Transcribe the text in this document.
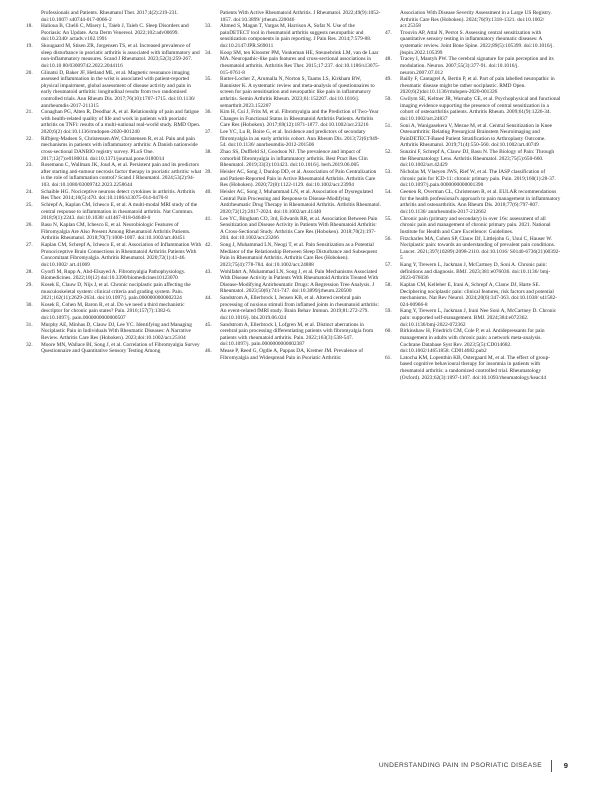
Professionals and Patients. Rheumatol Ther. 2017;4(2):219-231. doi:10.1007/ s40744-017-0066-2

18. Halioua B, Chelli C, Misery L, Taieb J, Taieb C. Sleep Disorders and Psoriasis: An Update. Acta Derm Venereol. 2022;102:adv00699. doi:10.2340/ actadv.v102.1991

19. Skougaard M, Stisen ZR, Jorgensen TS, et al. Increased prevalence of sleep disturbance in psoriatic arthritis is associated with inflammatory and non-inflammatory measures. Scand J Rheumatol. 2023;52(3):259-267. doi:10.10 80/03009742.2022.2044116

20. Glinatsi D, Baker JF, Hetland ML, et al. Magnetic resonance imaging assessed inflammation in the wrist is associated with patient-reported physical impairment, global assessment of disease activity and pain in early rheumatoid arthritis: longitudinal results from two randomised controlled trials. Ann Rheum Dis. 2017;76(10):1707-1715. doi:10.1136/ annrheumdis-2017-211315

21. Conaghan PG, Alten R, Deodhar A, et al. Relationship of pain and fatigue with health-related quality of life and work in patients with psoriatic arthritis on TNFi: results of a multi-national real-world study. RMD Open. 2020;6(2) doi:10.1136/rmdopen-2020-001240

22. Rifbjerg-Madsen S, Christensen AW, Christensen R, et al. Pain and pain mechanisms in patients with inflammatory arthritis: A Danish nationwide cross-sectional DANBIO registry survey. PLoS One. 2017;12(7):e0180014. doi:10.1371/journal.pone.0180014

23. Rosemann C, Wallman JK, Joud A, et al. Persistent pain and its predictors after starting anti-tumour necrosis factor therapy in psoriatic arthritis: what is the role of inflammation control? Scand J Rheumatol. 2024;53(2):94-103. doi:10.1080/03009742.2023.2258644

24. Schaible HG. Nociceptive neurons detect cytokines in arthritis. Arthritis Res Ther. 2014;16(5):470. doi:10.1186/s13075-014-0470-8

25. Schrepf A, Kaplan CM, Ichesco E, et al. A multi-modal MRI study of the central response to inflammation in rheumatoid arthritis. Nat Commun. 2018;9(1):2243. doi:10.1038/ s41467-018-04648-0

26. Basu N, Kaplan CM, Ichesco E, et al. Neurobiologic Features of Fibromyalgia Are Also Present Among Rheumatoid Arthritis Patients. Arthritis Rheumatol. 2018;70(7):1000-1007. doi:10.1002/art.40451

27. Kaplan CM, Schrepf A, Ichesco E, et al. Association of Inflammation With Pronociceptive Brain Connections in Rheumatoid Arthritis Patients With Concomitant Fibromyalgia. Arthritis Rheumatol. 2020;72(1):41-46. doi:10.1002/ art.41069

28. Gyorfi M, Rupp A, Abd-Elsayed A. Fibromyalgia Pathophysiology. Biomedicines. 2022;10(12) doi:10.3390/biomedicines10123070

29. Kosek E, Clauw D, Nijs J, et al. Chronic nociplastic pain affecting the musculoskeletal system: clinical criteria and grading system. Pain. 2021;162(11):2629-2634. doi:10.1097/j. pain.0000000000002324

30. Kosek E, Cohen M, Baron R, et al. Do we need a third mechanistic descriptor for chronic pain states? Pain. 2016;157(7):1382-6. doi:10.1097/j. pain.0000000000000507

31. Murphy AE, Minhas D, Clauw DJ, Lee YC. Identifying and Managing Nociplastic Pain in Individuals With Rheumatic Diseases: A Narrative Review. Arthritis Care Res (Hoboken). 2023;doi:10.1002/acr.25104

32. Moore MN, Wallace BI, Song J, et al. Correlation of Fibromyalgia Survey Questionnaire and Quantitative Sensory Testing Among

Patients With Active Rheumatoid Arthritis. J Rheumatol. 2022;49(9):1052-1057. doi:10.3899/ jrheum.220046

33. Ahmed S, Magan T, Vargas M, Harrison A, Sofat N. Use of the painDETECT tool in rheumatoid arthritis suggests neuropathic and sensitization components in pain reporting. J Pain Res. 2014;7:579-88. doi:10.2147/JPR.S69011

34. Koop SM, ten Klooster PM, Vonkeman HE, Steunebrink LM, van de Laar MA. Neuropathic-like pain features and cross-sectional associations in rheumatoid arthritis. Arthritis Res Ther. 2015;17:237. doi:10.1186/s13075-015-0761-8

35. Rutter-Locher Z, Arumalla N, Norton S, Taams LS, Kirkham BW, Bannister K. A systematic review and meta-analysis of questionnaires to screen for pain sensitisation and neuropathic like pain in inflammatory arthritis. Semin Arthritis Rheum. 2023;61:152207. doi:10.1016/j. semarthrit.2023.152207

36. Kim H, Cui J, Frits M, et al. Fibromyalgia and the Prediction of Two-Year Changes in Functional Status in Rheumatoid Arthritis Patients. Arthritis Care Res (Hoboken). 2017;69(12):1871-1877. doi:10.1002/acr.23216

37. Lee YC, Lu B, Boire G, et al. Incidence and predictors of secondary fibromyalgia in an early arthritis cohort. Ann Rheum Dis. 2013;72(6):949-54. doi:10.1136/ annrheumdis-2012-201506

38. Zhao SS, Duffield SJ, Goodson NJ. The prevalence and impact of comorbid fibromyalgia in inflammatory arthritis. Best Pract Res Clin Rheumatol. 2019;33(3):101423. doi:10.1016/j. berh.2019.06.005

39. Heisler AC, Song J, Dunlop DD, et al. Association of Pain Centralization and Patient-Reported Pain in Active Rheumatoid Arthritis. Arthritis Care Res (Hoboken). 2020;72(8):1122-1129. doi:10.1002/acr.23994

40. Heisler AC, Song J, Muhammad LN, et al. Association of Dysregulated Central Pain Processing and Response to Disease-Modifying Antirheumatic Drug Therapy in Rheumatoid Arthritis. Arthritis Rheumatol. 2020;72(12):2017-2024. doi:10.1002/art.41440

41. Lee YC, Bingham CO, 3rd, Edwards RR, et al. Association Between Pain Sensitization and Disease Activity in Patients With Rheumatoid Arthritis: A Cross-Sectional Study. Arthritis Care Res (Hoboken). 2018;70(2):197-204. doi:10.1002/acr.23266

42. Song J, Muhammad LN, Neogi T, et al. Pain Sensitization as a Potential Mediator of the Relationship Between Sleep Disturbance and Subsequent Pain in Rheumatoid Arthritis. Arthritis Care Res (Hoboken). 2023;75(4):778-784. doi:10.1002/acr.24888

43. Wohlfahrt A, Muhammad LN, Song J, et al. Pain Mechanisms Associated With Disease Activity in Patients With Rheumatoid Arthritis Treated With Disease-Modifying Antirheumatic Drugs: A Regression Tree Analysis. J Rheumatol. 2023;50(6):741-747. doi:10.3899/jrheum.220500

44. Sandstrom A, Ellerbrock I, Jensen KB, et al. Altered cerebral pain processing of noxious stimuli from inflamed joints in rheumatoid arthritis: An event-related fMRI study. Brain Behav Immun. 2019;81:272-279. doi:10.1016/j. bbi.2019.06.024

45. Sandstrom A, Ellerbrock I, Lofgren M, et al. Distinct aberrations in cerebral pain processing differentiating patients with fibromyalgia from patients with rheumatoid arthritis. Pain. 2022;163(3):538-547. doi:10.1097/j. pain.0000000000002387

46. Mease P, Reed G, Ogdie A, Pappas DA, Kremer JM. Prevalence of Fibromyalgia and Widespread Pain in Psoriatic Arthritis:

Association With Disease Severity Assessment in a Large US Registry. Arthritis Care Res (Hoboken). 2024;76(9):1318-1321. doi:10.1002/ acr.25358

47. Trouvin AP, Attal N, Perrot S. Assessing central sensitization with quantitative sensory testing in inflammatory rheumatic diseases: A systematic review. Joint Bone Spine. 2022;89(5):105399. doi:10.1016/j. jbspin.2022.105399

48. Tracey I, Mantyh PW. The cerebral signature for pain perception and its modulation. Neuron. 2007;55(3):377-91. doi:10.1016/j. neuron.2007.07.012

49. Bailly F, Cantagrel A, Bertin P, et al. Part of pain labelled neuropathic in rheumatic disease might be rather nociplastic. RMD Open. 2020;6(2)doi:10.1136/rmdopen-2020-001326

50. Gwilym SE, Keltner JR, Warnaby CE, et al. Psychophysical and functional imaging evidence supporting the presence of central sensitization in a cohort of osteoarthritis patients. Arthritis Rheum. 2009;61(9):1226-34. doi:10.1002/art.24837

51. Soni A, Wanigasekera V, Mezue M, et al. Central Sensitization in Knee Osteoarthritis: Relating Presurgical Brainstem Neuroimaging and PainDETECT-Based Patient Stratification to Arthroplasty Outcome. Arthritis Rheumatol. 2019;71(4):550-560. doi:10.1002/art.40749

52. Sunzini F, Schrepf A, Clauw DJ, Basu N. The Biology of Pain: Through the Rheumatology Lens. Arthritis Rheumatol. 2023;75(5):650-660. doi:10.1002/art.42429

53. Nicholas M, Vlaeyen JWS, Rief W, et al. The IASP classification of chronic pain for ICD-11: chronic primary pain. Pain. 2019;160(1):28-37. doi:10.1097/j.pain.0000000000001390

54. Geenen R, Overman CL, Christensen R, et al. EULAR recommendations for the health professional's approach to pain management in inflammatory arthritis and osteoarthritis. Ann Rheum Dis. 2018;77(6):797-807. doi:10.1136/ annrheumdis-2017-212662

55. Chronic pain (primary and secondary) in over 16s: assessment of all chronic pain and management of chronic primary pain. 2021. National Institute for Health and Care Excellence: Guidelines.

56. Fitzcharles MA, Cohen SP, Clauw DJ, Littlejohn G, Usui C, Hauser W. Nociplastic pain: towards an understanding of prevalent pain conditions. Lancet. 2021;397(10289):2098-2110. doi:10.1016/ S0140-6736(21)00392-5

57. Kang Y, Trewern L, Jackman J, McCartney D, Soni A. Chronic pain: definitions and diagnosis. BMJ. 2023;381:e076036. doi:10.1136/ bmj-2023-076036

58. Kaplan CM, Kelleher E, Irani A, Schrepf A, Clauw DJ, Harte SE. Deciphering nociplastic pain: clinical features, risk factors and potential mechanisms. Nat Rev Neurol. 2024;20(6):347-363. doi:10.1038/ s41582-024-00966-8

59. Kang Y, Trewern L, Jackman J, Irani Nee Soni A, McCartney D. Chronic pain: supported self-management. BMJ. 2024;384:e072362. doi:10.1136/bmj-2022-072362

60. Birkinshaw H, Friedrich CM, Cole P, et al. Antidepressants for pain management in adults with chronic pain: a network meta-analysis. Cochrane Database Syst Rev. 2023;5(5):CD014682. doi:10.1002/14651858. CD014682.pub2

61. Latocha KM, Lopenthin KB, Ostergaard M, et al. The effect of group-based cognitive behavioural therapy for insomnia in patients with rheumatoid arthritis: a randomized controlled trial. Rheumatology (Oxford). 2023;62(3):1097-1107. doi:10.1093/rheumatology/keac44

UNDERSTANDING PAIN IN PSORIATIC DISEASE	9
